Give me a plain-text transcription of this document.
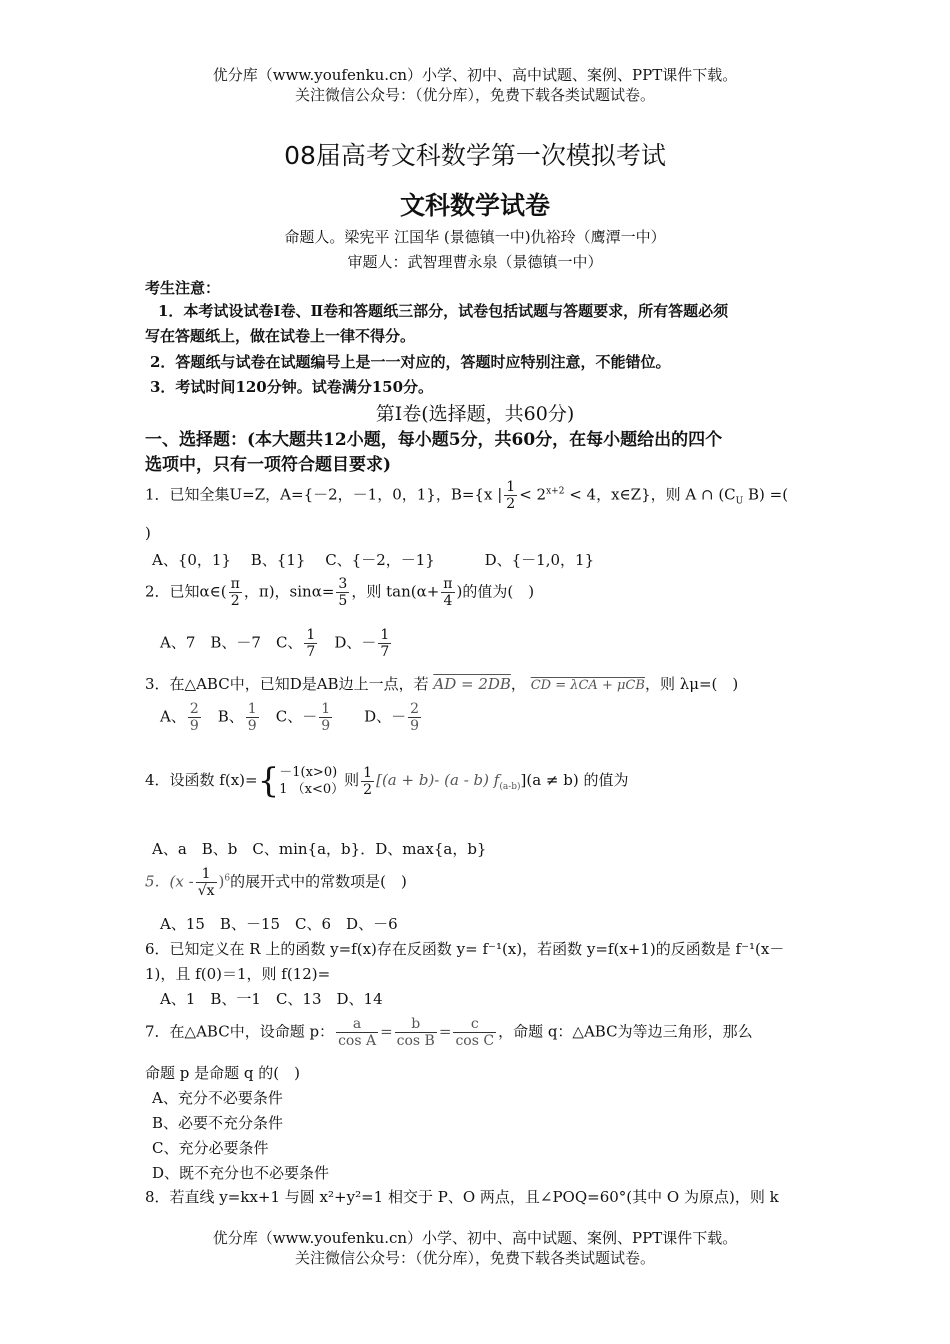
优分库（www.youfenku.cn）小学、初中、高中试题、案例、PPT课件下载。
关注微信公众号：（优分库），免费下载各类试题试卷。
08届高考文科数学第一次模拟考试
文科数学试卷
命题人。梁宪平 江国华 (景德镇一中)仇裕玲（鹰潭一中）
审题人：武智理曹永泉（景德镇一中）
考生注意：
1．本考试设试卷Ⅰ卷、Ⅱ卷和答题纸三部分，试卷包括试题与答题要求，所有答题必须
写在答题纸上，做在试卷上一律不得分。
2．答题纸与试卷在试题编号上是一一对应的，答题时应特别注意，不能错位。
3．考试时间120分钟。试卷满分150分。
第Ⅰ卷(选择题，共60分)
一、选择题：(本大题共12小题，每小题5分，共60分，在每小题给出的四个
选项中，只有一项符合题目要求)
1．已知全集U=Z，A={－2，－1，0，1}，B={x | $\frac{1}{2} < 2^{x+2} < 4$，x∈Z}，则 A ∩ ($C_U$ B) =(
)
A、{0，1}　 B、{1}　 C、{－2，－1}　　　 D、{－1,0，1}
2．已知α∈( $\frac{\pi}{2}$ ，π)，$\sin\alpha= \frac{3}{5}$ ，则 $\tan(\alpha+ \frac{\pi}{4}$ )的值为(　)
A、7　B、－7　C、 $\frac{1}{7}$ 　D、－ $\frac{1}{7}$
3．在△ABC中，已知D是AB边上一点，若 AD = 2DB， CD = λCA + μCB，则 λμ=(　)
A、 $\frac{2}{9}$ 　B、 $\frac{1}{9}$ 　C、－ $\frac{1}{9}$ 　　D、－ $\frac{2}{9}$
4．设函数 f(x)={ －1(x>0)
1 （x<0）
则 $\frac{1}{2} [(a + b)-$ (a - b) $f_{(a-b)}](a \ne b)$ 的值为
A、a　B、b　C、min{a，b}．D、max{a，b}
5．$(x - \frac{1}{√x} )^6$的展开式中的常数项是(　)
A、15　B、－15　C、6　D、－6
6．已知定义在 R 上的函数 y=f(x)存在反函数 y= f⁻¹(x)，若函数 y=f(x+1)的反函数是 f⁻¹(x－
1)，且 f(0)＝1，则 f(12)=
A、1　B、一1　C、13　D、14
7．在△ABC中，设命题 p： $\frac{a}{\text{cos A}} = \frac{b}{\text{cos B}} = \frac{c}{\text{cos C}}$ ，命题 q：△ABC为等边三角形，那么
命题 p 是命题 q 的(　)
A、充分不必要条件
B、必要不充分条件
C、充分必要条件
D、既不充分也不必要条件
8．若直线 y=kx+1 与圆 x²+y²=1 相交于 P、O 两点，且∠POQ=60°(其中 O 为原点)，则 k
优分库（www.youfenku.cn）小学、初中、高中试题、案例、PPT课件下载。
关注微信公众号：（优分库），免费下载各类试题试卷。
